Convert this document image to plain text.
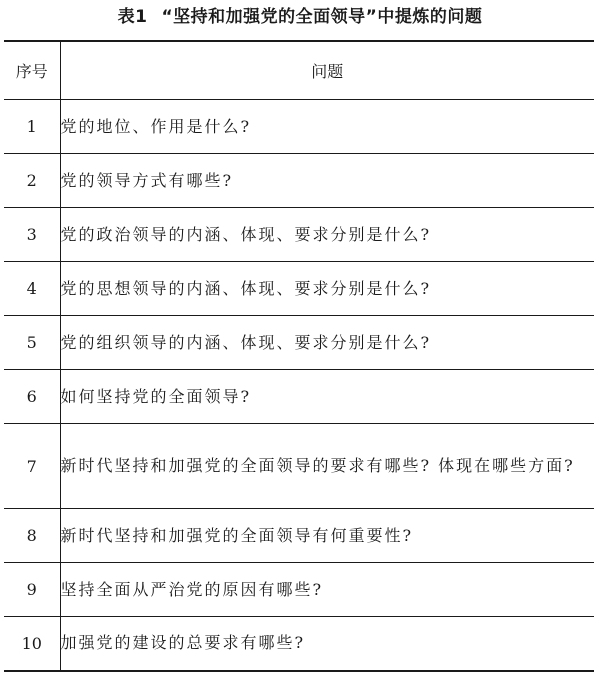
表1 “坚持和加强党的全面领导”中提炼的问题
序号	问题
1	党的地位、作用是什么?
2	党的领导方式有哪些?
3	党的政治领导的内涵、体现、要求分别是什么?
4	党的思想领导的内涵、体现、要求分别是什么?
5	党的组织领导的内涵、体现、要求分别是什么?
6	如何坚持党的全面领导?
7	新时代坚持和加强党的全面领导的要求有哪些? 体现在哪些方面?
8	新时代坚持和加强党的全面领导有何重要性?
9	坚持全面从严治党的原因有哪些?
10	加强党的建设的总要求有哪些?
